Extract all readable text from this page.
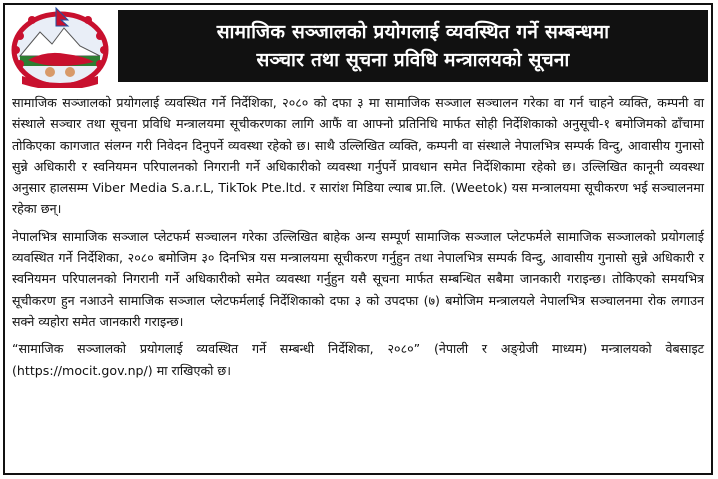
सामाजिक सञ्जालको प्रयोगलाई व्यवस्थित गर्ने सम्बन्धमा
सञ्चार तथा सूचना प्रविधि मन्त्रालयको सूचना

सामाजिक सञ्जालको प्रयोगलाई व्यवस्थित गर्ने निर्देशिका, २०८० को दफा ३ मा सामाजिक सञ्जाल सञ्चालन गरेका वा गर्न चाहने व्यक्ति, कम्पनी वा संस्थाले सञ्चार तथा सूचना प्रविधि मन्त्रालयमा सूचीकरणका लागि आफैं वा आफ्नो प्रतिनिधि मार्फत सोही निर्देशिकाको अनुसूची-१ बमोजिमको ढाँचामा तोकिएका कागजात संलग्न गरी निवेदन दिनुपर्ने व्यवस्था रहेको छ। साथै उल्लिखित व्यक्ति, कम्पनी वा संस्थाले नेपालभित्र सम्पर्क विन्दु, आवासीय गुनासो सुन्ने अधिकारी र स्वनियमन परिपालनको निगरानी गर्ने अधिकारीको व्यवस्था गर्नुपर्ने प्रावधान समेत निर्देशिकामा रहेको छ। उल्लिखित कानूनी व्यवस्था अनुसार हालसम्म Viber Media S.a.r.L, TikTok Pte.ltd. र सारांश मिडिया ल्याब प्रा.लि. (Weetok) यस मन्त्रालयमा सूचीकरण भई सञ्चालनमा रहेका छन्।

नेपालभित्र सामाजिक सञ्जाल प्लेटफर्म सञ्चालन गरेका उल्लिखित बाहेक अन्य सम्पूर्ण सामाजिक सञ्जाल प्लेटफर्मले सामाजिक सञ्जालको प्रयोगलाई व्यवस्थित गर्ने निर्देशिका, २०८० बमोजिम ३० दिनभित्र यस मन्त्रालयमा सूचीकरण गर्नुहुन तथा नेपालभित्र सम्पर्क विन्दु, आवासीय गुनासो सुन्ने अधिकारी र स्वनियमन परिपालनको निगरानी गर्ने अधिकारीको समेत व्यवस्था गर्नुहुन यसै सूचना मार्फत सम्बन्धित सबैमा जानकारी गराइन्छ। तोकिएको समयभित्र सूचीकरण हुन नआउने सामाजिक सञ्जाल प्लेटफर्मलाई निर्देशिकाको दफा ३ को उपदफा (७) बमोजिम मन्त्रालयले नेपालभित्र सञ्चालनमा रोक लगाउन सक्ने व्यहोरा समेत जानकारी गराइन्छ।

“सामाजिक सञ्जालको प्रयोगलाई व्यवस्थित गर्ने सम्बन्धी निर्देशिका, २०८०” (नेपाली र अङ्ग्रेजी माध्यम) मन्त्रालयको वेबसाइट (https://mocit.gov.np/) मा राखिएको छ।
